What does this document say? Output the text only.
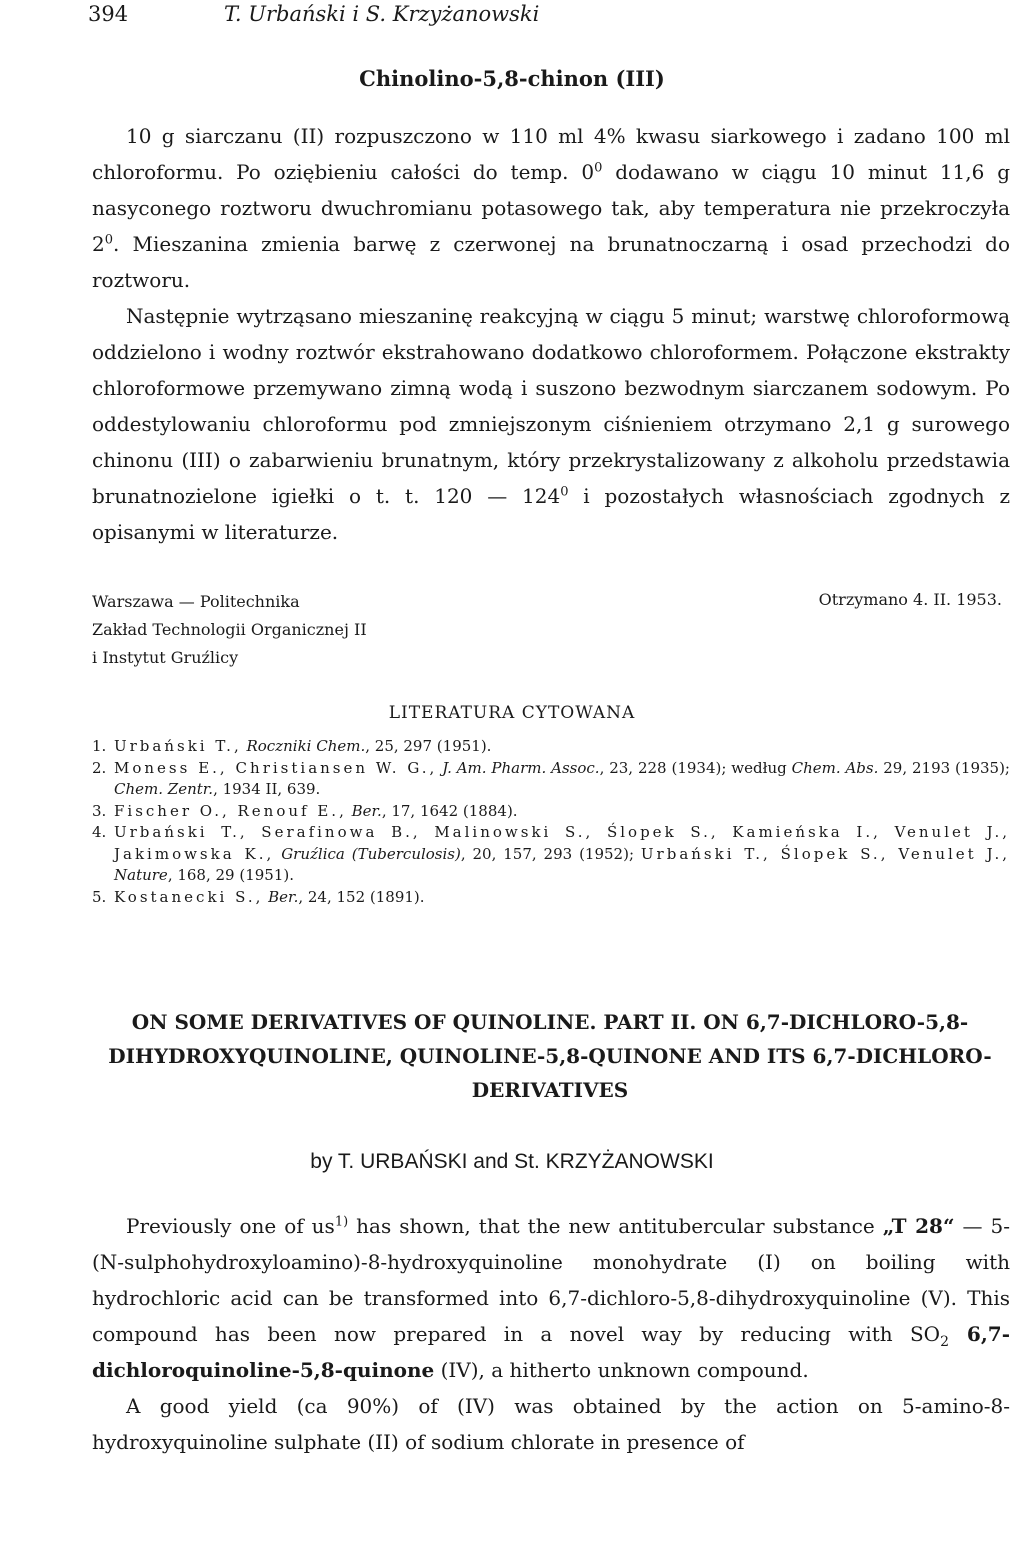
394	T. Urbański i S. Krzyżanowski
Chinolino-5,8-chinon (III)

10 g siarczanu (II) rozpuszczono w 110 ml 4% kwasu siarkowego i zadano 100 ml chloroformu. Po oziębieniu całości do temp. $0^0$ dodawano w ciągu 10 minut 11,6 g nasyconego roztworu dwuchromianu potasowego tak, aby temperatura nie przekroczyła $2^0$. Mieszanina zmienia barwę z czerwonej na brunatnoczarną i osad przechodzi do roztworu.

Następnie wytrząsano mieszaninę reakcyjną w ciągu 5 minut; warstwę chloroformową oddzielono i wodny roztwór ekstrahowano dodatkowo chloroformem. Połączone ekstrakty chloroformowe przemywano zimną wodą i suszono bezwodnym siarczanem sodowym. Po oddestylowaniu chloroformu pod zmniejszonym ciśnieniem otrzymano 2,1 g surowego chinonu (III) o zabarwieniu brunatnym, który przekrystalizowany z alkoholu przedstawia brunatnozielone igiełki o t. t. 120 — $124^0$ i pozostałych własnościach zgodnych z opisanymi w literaturze.

Warszawa — Politechnika
Zakład Technologii Organicznej II
i Instytut Gruźlicy
Otrzymano 4. II. 1953.
LITERATURA CYTOWANA
1. Urbański T., Roczniki Chem., 25, 297 (1951).
2. Moness E., Christiansen W. G., J. Am. Pharm. Assoc., 23, 228 (1934); według Chem. Abs. 29, 2193 (1935); Chem. Zentr., 1934 II, 639.
3. Fischer O., Renouf E., Ber., 17, 1642 (1884).
4. Urbański T., Serafinowa B., Malinowski S., Ślopek S., Kamieńska I., Venulet J., Jakimowska K., Gruźlica (Tuberculosis), 20, 157, 293 (1952); Urbański T., Ślopek S., Venulet J., Nature, 168, 29 (1951).
5. Kostanecki S., Ber., 24, 152 (1891).
ON SOME DERIVATIVES OF QUINOLINE. PART II. ON 6,7-DICHLORO-5,8-DIHYDROXYQUINOLINE, QUINOLINE-5,8-QUINONE AND ITS 6,7-DICHLORO- DERIVATIVES
by T. URBAŃSKI and St. KRZYŻANOWSKI

Previously one of $us^{1)}$ has shown, that the new antitubercular substance „T 28“ — 5-(N-sulphohydroxyloamino)-8-hydroxyquinoline monohydrate (I) on boiling with hydrochloric acid can be transformed into 6,7-dichloro-5,8-dihydroxyquinoline (V). This compound has been now prepared in a novel way by reducing with $SO_2$ 6,7-dichloroquinoline-5,8-quinone (IV), a hitherto unknown compound.

A good yield (ca 90%) of (IV) was obtained by the action on 5-amino-8-hydroxyquinoline sulphate (II) of sodium chlorate in presence of
